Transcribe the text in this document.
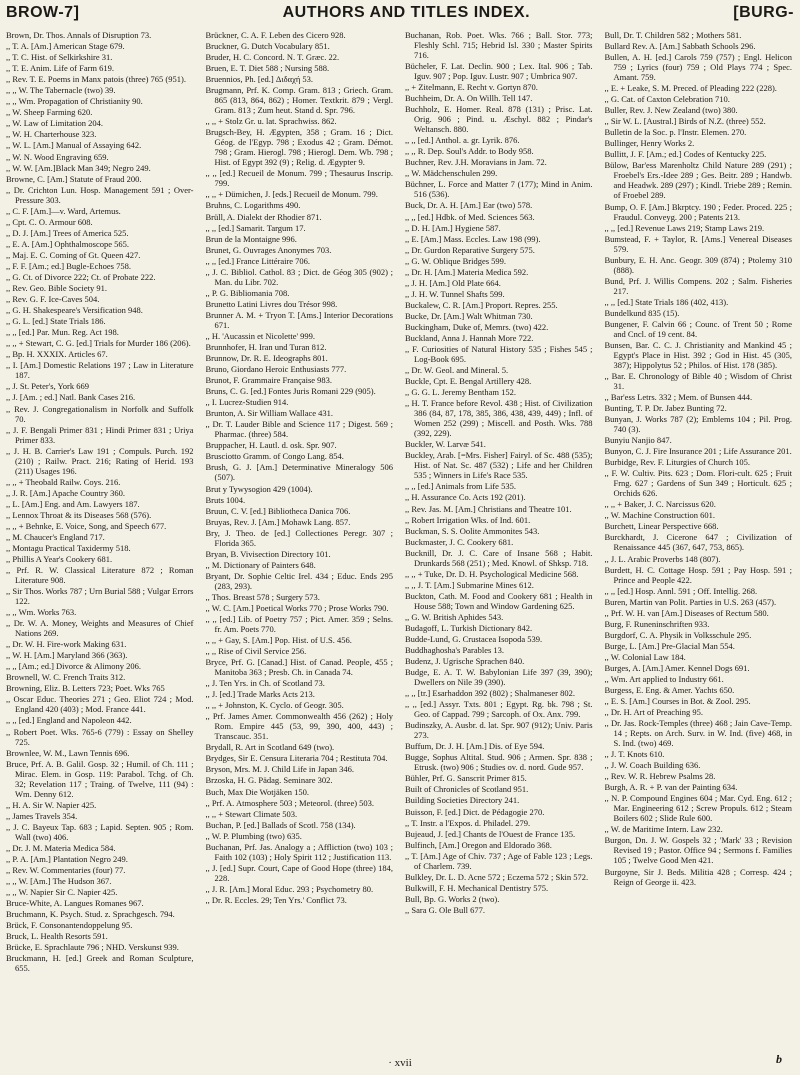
BROW-7]	AUTHORS AND TITLES INDEX.	[BURG-

Brown, Dr. Thos. Annals of Disruption 73.

,, T. A. [Am.] American Stage 679.

,, T. C. Hist. of Selkirkshire 31.

,, T. E. Anim. Life of Farm 619.

,, Rev. T. E. Poems in Manx patois (three) 765 (951).

,, ,, W. The Tabernacle (two) 39.

,, ,, Wm. Propagation of Christianity 90.

,, W. Sheep Farming 620.

,, W. Law of Limitation 204.

,, W. H. Charterhouse 323.

,, W. L. [Am.] Manual of Assaying 642.

,, W. N. Wood Engraving 659.

,, W. W. [Am.]Black Man 349; Negro 249.

Browne, C. [Am.] Statute of Fraud 200.

,, Dr. Crichton Lun. Hosp. Management 591 ; Over-Pressure 303.

,, C. F. [Am.]—v. Ward, Artemus.

,, Cpt. C. O. Armour 608.

,, D. J. [Am.] Trees of America 525.

,, E. A. [Am.] Ophthalmoscope 565.

,, Maj. E. C. Coming of Gt. Queen 427.

,, F. F. [Am.; ed.] Bugle-Echoes 758.

,, G. Ct. of Divorce 222; Ct. of Probate 222.

,, Rev. Geo. Bible Society 91.

,, Rev. G. F. Ice-Caves 504.

,, G. H. Shakespeare's Versification 948.

,, G. L. [ed.] State Trials 186.

,, ,, [ed.] Par. Mun. Reg. Act 198.

,, ,, + Stewart, C. G. [ed.] Trials for Murder 186 (206).

,, Bp. H. XXXIX. Articles 67.

,, I. [Am.] Domestic Relations 197 ; Law in Literature 187.

,, J. St. Peter's, York 669

,, J. [Am. ; ed.] Natl. Bank Cases 216.

,, Rev. J. Congregationalism in Norfolk and Suffolk 70.

,, J. F. Bengali Primer 831 ; Hindi Primer 831 ; Uriya Primer 833.

,, J. H. B. Carrier's Law 191 ; Compuls. Purch. 192 (210) ; Railw. Pract. 216; Rating of Herid. 193 (211) Usages 196.

,, ,, + Theobald Railw. Coys. 216.

,, J. R. [Am.] Apache Country 360.

,, L. [Am.] Eng. and Am. Lawyers 187.

,, Lennox Throat & its Diseases 568 (576).

,, ,, + Behnke, E. Voice, Song, and Speech 677.

,, M. Chaucer's England 717.

,, Montagu Practical Taxidermy 518.

,, Phillis A Year's Cookery 681.

,, Prf. R. W. Classical Literature 872 ; Roman Literature 908.

,, Sir Thos. Works 787 ; Urn Burial 588 ; Vulgar Errors 122.

,, ,, Wm. Works 763.

,, Dr. W. A. Money, Weights and Measures of Chief Nations 269.

,, Dr. W. H. Fire-work Making 631.

,, W. H. [Am.] Maryland 366 (363).

,, ,, [Am.; ed.] Divorce & Alimony 206.

Brownell, W. C. French Traits 312.

Browning, Eliz. B. Letters 723; Poet. Wks 765

,, Oscar Educ. Theories 271 ; Geo. Eliot 724 ; Mod. England 420 (403) ; Mod. France 441.

,, ,, [ed.] England and Napoleon 442.

,, Robert Poet. Wks. 765-6 (779) : Essay on Shelley 725.

Brownlee, W. M., Lawn Tennis 696.

Bruce, Prf. A. B. Galil. Gosp. 32 ; Humil. of Ch. 111 ; Mirac. Elem. in Gosp. 119: Parabol. Tchg. of Ch. 32; Revelation 117 ; Traing. of Twelve, 111 (94) : Wm. Denny 612.

,, H. A. Sir W. Napier 425.

,, James Travels 354.

,, J. C. Bayeux Tap. 683 ; Lapid. Septen. 905 ; Rom. Wall (two) 406.

,, Dr. J. M. Materia Medica 584.

,, P. A. [Am.] Plantation Negro 249.

,, Rev. W. Commentaries (four) 77.

,, ,, W. [Am.] The Hudson 367.

,, ,, W. Napier Sir C. Napier 425.

Bruce-White, A. Langues Romanes 967.

Bruchmann, K. Psych. Stud. z. Sprachgesch. 794.

Brück, F. Consonantendoppelung 95.

Bruck, L. Health Resorts 591.

Brücke, E. Sprachlaute 796 ; NHD. Verskunst 939.

Bruckmann, H. [ed.] Greek and Roman Sculpture, 655.

Brückner, C. A. F. Leben des Cicero 928.

Bruckner, G. Dutch Vocabulary 851.

Bruder, H. C. Concord. N. T. Græc. 22.

Bruen, E. T. Diet 588 ; Nursing 588.

Bruennios, Ph. [ed.] Διδαχή 53.

Brugmann, Prf. K. Comp. Gram. 813 ; Griech. Gram. 865 (813, 864, 862) ; Homer. Textkrit. 879 ; Vergl. Gram. 813 ; Zum heut. Stand d. Spr. 796.

,, ,, + Stolz Gr. u. lat. Sprachwiss. 862.

Brugsch-Bey, H. Ægypten, 358 ; Gram. 16 ; Dict. Géog. de l'Egyp. 798 ; Exodus 42 ; Gram. Démot. 798 ; Gram. Hierogl. 798 ; Hierogl. Dem. Wb. 798 ; Hist. of Egypt 392 (9) ; Relig. d. Ægypter 9.

,, ,, [ed.] Recueil de Monum. 799 ; Thesaurus Inscrip. 799.

,, ,, + Dümichen, J. [eds.] Recueil de Monum. 799.

Bruhns, C. Logarithms 490.

Brüll, A. Dialekt der Rhodier 871.

,, ,, [ed.] Samarit. Targum 17.

Brun de la Montaigne 996.

Brunet, G. Ouvrages Anonymes 703.

,, ,, [ed.] France Littéraire 706.

,, J. C. Bibliol. Cathol. 83 ; Dict. de Géog 305 (902) ; Man. du Libr. 702.

,, P. G. Bibliomania 708.

Brunetto Latini Livres dou Trésor 998.

Brunner A. M. + Tryon T. [Ams.] Interior Decorations 671.

,, H. 'Aucassin et Nicolette' 999.

Brunnhofer, H. Iran und Turan 812.

Brunnow, Dr. R. E. Ideographs 801.

Bruno, Giordano Heroic Enthusiasts 777.

Brunot, F. Grammaire Française 983.

Bruns, C. G. [ed.] Fontes Juris Romani 229 (905).

,, I. Lucrez-Studien 914.

Brunton, A. Sir William Wallace 431.

,, Dr. T. Lauder Bible and Science 117 ; Digest. 569 ; Pharmac. (three) 584.

Bruppacher, H. Lautl. d. osk. Spr. 907.

Brusciotto Gramm. of Congo Lang. 854.

Brush, G. J. [Am.] Determinative Mineralogy 506 (507).

Brut y Tywysogion 429 (1004).

Bruts 1004.

Bruun, C. V. [ed.] Bibliotheca Danica 706.

Bruyas, Rev. J. [Am.] Mohawk Lang. 857.

Bry, J. Theo. de [ed.] Collectiones Peregr. 307 ; Florida 365.

Bryan, B. Vivisection Directory 101.

,, M. Dictionary of Painters 648.

Bryant, Dr. Sophie Celtic Irel. 434 ; Educ. Ends 295 (283, 293).

,, Thos. Breast 578 ; Surgery 573.

,, W. C. [Am.] Poetical Works 770 ; Prose Works 790.

,, ,, [ed.] Lib. of Poetry 757 ; Pict. Amer. 359 ; Selns. fr. Am. Poets 770.

,, ,, + Gay, S. [Am.] Pop. Hist. of U.S. 456.

,, ,, Rise of Civil Service 256.

Bryce, Prf. G. [Canad.] Hist. of Canad. People, 455 ; Manitoba 363 ; Presb. Ch. in Canada 74.

,, J. Ten Yrs. in Ch. of Scotland 73.

,, J. [ed.] Trade Marks Acts 213.

,, ,, + Johnston, K. Cyclo. of Geogr. 305.

,, Prf. James Amer. Commonwealth 456 (262) ; Holy Rom. Empire 445 (53, 99, 390, 400, 443) ; Transcauc. 351.

Brydall, R. Art in Scotland 649 (two).

Brydges, Sir E. Censura Literaria 704 ; Restituta 704.

Bryson, Mrs. M. J. Child Life in Japan 346.

Brzoska, H. G. Pädag. Seminare 302.

Buch, Max Die Wotjäken 150.

,, Prf. A. Atmosphere 503 ; Meteorol. (three) 503.

,, ,, + Stewart Climate 503.

Buchan, P. [ed.] Ballads of Scotl. 758 (134).

,, W. P. Plumbing (two) 635.

Buchanan, Prf. Jas. Analogy a ; Affliction (two) 103 ; Faith 102 (103) ; Holy Spirit 112 ; Justification 113.

,, J. [ed.] Supr. Court, Cape of Good Hope (three) 184, 228.

,, J. R. [Am.] Moral Educ. 293 ; Psychometry 80.

,, Dr. R. Eccles. 29; Ten Yrs.' Conflict 73.

Buchanan, Rob. Poet. Wks. 766 ; Ball. Stor. 773; Fleshly Schl. 715; Hebrid Isl. 330 ; Master Spirits 716.

Bücheler, F. Lat. Declin. 900 ; Lex. Ital. 906 ; Tab. Iguv. 907 ; Pop. Iguv. Lustr. 907 ; Umbrica 907.

,, + Zitelmann, E. Recht v. Gortyn 870.

Buchheim, Dr. A. On Willh. Tell 147.

Buchholz, E. Homer. Real. 878 (131) ; Prisc. Lat. Orig. 906 ; Pind. u. Æschyl. 882 ; Pindar's Weltansch. 880.

,, ,, [ed.] Anthol. a. gr. Lyrik. 876.

,, ,, R. Dep. Soul's Addr. to Body 958.

Buchner, Rev. J.H. Moravians in Jam. 72.

,, W. Mädchenschulen 299.

Büchner, L. Force and Matter 7 (177); Mind in Anim. 516 (536).

Buck, Dr. A. H. [Am.] Ear (two) 578.

,, ,, [ed.] Hdbk. of Med. Sciences 563.

,, D. H. [Am.] Hygiene 587.

,, E. [Am.] Mass. Eccles. Law 198 (99).

,, Dr. Gurdon Reparative Surgery 575.

,, G. W. Oblique Bridges 599.

,, Dr. H. [Am.] Materia Medica 592.

,, J. H. [Am.] Old Plate 664.

,, J. H. W. Tunnel Shafts 599.

Buckalew, C. R. [Am.] Proport. Repres. 255.

Bucke, Dr. [Am.] Walt Whitman 730.

Buckingham, Duke of, Memrs. (two) 422.

Buckland, Anna J. Hannah More 722.

,, F. Curiosities of Natural History 535 ; Fishes 545 ; Log-Book 695.

,, Dr. W. Geol. and Mineral. 5.

Buckle, Cpt. E. Bengal Artillery 428.

,, G. G. L. Jeremy Bentham 152.

,, H. T. France before Revol. 438 ; Hist. of Civilization 386 (84, 87, 178, 385, 386, 438, 439, 449) ; Infl. of Women 252 (299) ; Miscell. and Posth. Wks. 788 (392, 229).

Buckler, W. Larvæ 541.

Buckley, Arab. [=Mrs. Fisher] Fairyl. of Sc. 488 (535); Hist. of Nat. Sc. 487 (532) ; Life and her Children 535 ; Winners in Life's Race 535.

,, ,, [ed.] Animals from Life 535.

,, H. Assurance Co. Acts 192 (201).

,, Rev. Jas. M. [Am.] Christians and Theatre 101.

,, Robert Irrigation Wks. of Ind. 601.

Buckman, S. S. Oolite Ammonites 543.

Buckmaster, J. C. Cookery 681.

Bucknill, Dr. J. C. Care of Insane 568 ; Habit. Drunkards 568 (251) ; Med. Knowl. of Shksp. 718.

,, ,, + Tuke, Dr. D. H. Psychological Medicine 568.

,, ,, J. T. [Am.] Submarine Mines 612.

Buckton, Cath. M. Food and Cookery 681 ; Health in House 588; Town and Window Gardening 625.

,, G. W. British Aphides 543.

Budagoff, L. Turkish Dictionary 842.

Budde-Lund, G. Crustacea Isopoda 539.

Buddhaghosha's Parables 13.

Budenz, J. Ugrische Sprachen 840.

Budge, E. A. T. W. Babylonian Life 397 (39, 390); Dwellers on Nile 39 (390).

,, ,, [tr.] Esarhaddon 392 (802) ; Shalmaneser 802.

,, ,, [ed.] Assyr. Txts. 801 ; Egypt. Rg. bk. 798 ; St. Geo. of Cappad. 799 ; Sarcoph. of Ox. Anx. 799.

Budinszky, A. Ausbr. d. lat. Spr. 907 (912); Univ. Paris 273.

Buffum, Dr. J. H. [Am.] Dis. of Eye 594.

Bugge, Sophus Altital. Stud. 906 ; Armen. Spr. 838 ; Etrusk. (two) 906 ; Studies ov. d. nord. Gude 957.

Bühler, Prf. G. Sanscrit Primer 815.

Built of Chronicles of Scotland 951.

Building Societies Directory 241.

Buisson, F. [ed.] Dict. de Pédagogie 270.

,, T. Instr. a l'Expos. d. Philadel. 279.

Bujeaud, J. [ed.] Chants de l'Ouest de France 135.

Bulfinch, [Am.] Oregon and Eldorado 368.

,, T. [Am.] Age of Chiv. 737 ; Age of Fable 123 ; Legs. of Charlem. 739.

Bulkley, Dr. L. D. Acne 572 ; Eczema 572 ; Skin 572.

Bulkwill, F. H. Mechanical Dentistry 575.

Bull, Bp. G. Works 2 (two).

,, Sara G. Ole Bull 677.

Bull, Dr. T. Children 582 ; Mothers 581.

Bullard Rev. A. [Am.] Sabbath Schools 296.

Bullen, A. H. [ed.] Carols 759 (757) ; Engl. Helicon 759 ; Lyrics (four) 759 ; Old Plays 774 ; Spec. Amant. 759.

,, E. + Leake, S. M. Preced. of Pleading 222 (228).

,, G. Cat. of Caxton Celebration 710.

Buller, Rev. J. New Zealand (two) 380.

,, Sir W. L. [Austral.] Birds of N.Z. (three) 552.

Bulletin de la Soc. p. l'Instr. Elemen. 270.

Bullinger, Henry Works 2.

Bullitt, J. F. [Am.; ed.] Codes of Kentucky 225.

Bülow, Bar'ess Marenholtz Child Nature 289 (291) ; Froebel's Ers.-Idee 289 ; Ges. Beitr. 289 ; Handwb. and Headwk. 289 (297) ; Kindl. Triebe 289 ; Remin. of Froebel 289.

Bump, O. F. [Am.] Bkrptcy. 190 ; Feder. Proced. 225 ; Fraudul. Conveyg. 200 ; Patents 213.

,, ,, [ed.] Revenue Laws 219; Stamp Laws 219.

Bumstead, F. + Taylor, R. [Ams.] Venereal Diseases 579.

Bunbury, E. H. Anc. Geogr. 309 (874) ; Ptolemy 310 (888).

Bund, Prf. J. Willis Compens. 202 ; Salm. Fisheries 217.

,, ,, [ed.] State Trials 186 (402, 413).

Bundelkund 835 (15).

Bungener, F. Calvin 66 ; Counc. of Trent 50 ; Rome and Cncl. of 19 cent. 84.

Bunsen, Bar. C. C. J. Christianity and Mankind 45 ; Egypt's Place in Hist. 392 ; God in Hist. 45 (305, 387); Hippolytus 52 ; Philos. of Hist. 178 (385).

,, Bar. E. Chronology of Bible 40 ; Wisdom of Christ 31.

,, Bar'ess Letrs. 332 ; Mem. of Bunsen 444.

Bunting, T. P. Dr. Jabez Bunting 72.

Bunyan, J. Works 787 (2); Emblems 104 ; Pil. Prog. 740 (3).

Bunyiu Nanjio 847.

Bunyon, C. J. Fire Insurance 201 ; Life Assurance 201.

Burbidge, Rev. F. Liturgies of Church 105.

,, F. W. Cultiv. Pits. 623 ; Dom. Flori-cult. 625 ; Fruit Frng. 627 ; Gardens of Sun 349 ; Horticult. 625 ; Orchids 626.

,, ,, + Baker, J. C. Narcissus 620.

,, W. Machine Construction 601.

Burchett, Linear Perspective 668.

Burckhardt, J. Cicerone 647 ; Civilization of Renaissance 445 (367, 647, 753, 865).

,, J. L. Arabic Proverbs 148 (807).

Burdett, H. C. Cottage Hosp. 591 ; Pay Hosp. 591 ; Prince and People 422.

,, ,, [ed.] Hosp. Annl. 591 ; Off. Intellig. 268.

Buren, Martin van Polit. Parties in U.S. 263 (457).

,, Prf. W. H. van [Am.] Diseases of Rectum 580.

Burg, F. Runeninschriften 933.

Burgdorf, C. A. Physik in Volksschule 295.

Burge, L. [Am.] Pre-Glacial Man 554.

,, W. Colonial Law 184.

Burges, A. [Am.] Amer. Kennel Dogs 691.

,, Wm. Art applied to Industry 661.

Burgess, E. Eng. & Amer. Yachts 650.

,, E. S. [Am.] Courses in Bot. & Zool. 295.

,, Dr. H. Art of Preaching 95.

,, Dr. Jas. Rock-Temples (three) 468 ; Jain Cave-Temp. 14 ; Repts. on Arch. Surv. in W. Ind. (five) 468, in S. Ind. (two) 469.

,, J. T. Knots 610.

,, J. W. Coach Building 636.

,, Rev. W. R. Hebrew Psalms 28.

Burgh, A. R. + P. van der Painting 634.

,, N. P. Compound Engines 604 ; Mar. Cyd. Eng. 612 ; Mar. Engineering 612 ; Screw Propuls. 612 ; Steam Boilers 602 ; Slide Rule 600.

,, W. de Maritime Intern. Law 232.

Burgon, Dn. J. W. Gospels 32 ; 'Mark' 33 ; Revision Revised 19 ; Pastor. Office 94 ; Sermons f. Families 105 ; Twelve Good Men 421.

Burgoyne, Sir J. Beds. Militia 428 ; Corresp. 424 ; Reign of George ii. 423.

· xvii	b
